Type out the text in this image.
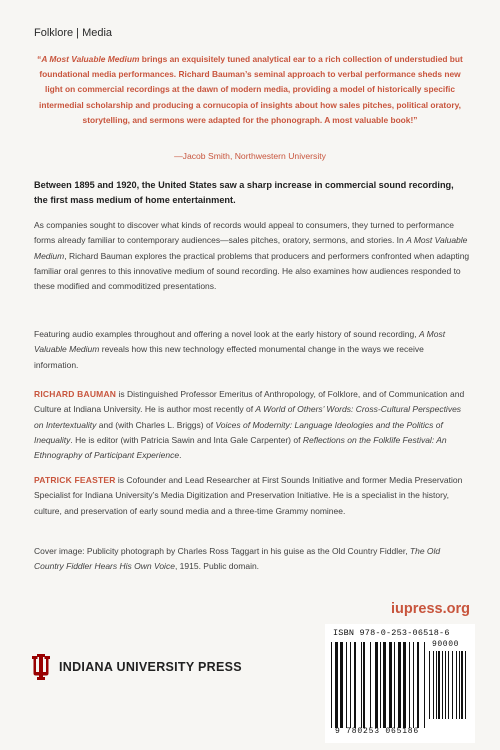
Folklore | Media

“A Most Valuable Medium brings an exquisitely tuned analytical ear to a rich collection of understudied but foundational media performances. Richard Bauman’s seminal approach to verbal performance sheds new light on commercial recordings at the dawn of modern media, providing a model of historically specific intermedial scholarship and producing a cornucopia of insights about how sales pitches, political oratory, storytelling, and sermons were adapted for the phonograph. A most valuable book!”

—Jacob Smith, Northwestern University

Between 1895 and 1920, the United States saw a sharp increase in commercial sound recording, the first mass medium of home entertainment.

As companies sought to discover what kinds of records would appeal to consumers, they turned to performance forms already familiar to contemporary audiences—sales pitches, oratory, sermons, and stories. In A Most Valuable Medium, Richard Bauman explores the practical problems that producers and performers confronted when adapting familiar oral genres to this innovative medium of sound recording. He also examines how audiences responded to these modified and commoditized presentations.

Featuring audio examples throughout and offering a novel look at the early history of sound recording, A Most Valuable Medium reveals how this new technology effected monumental change in the ways we receive information.

RICHARD BAUMAN is Distinguished Professor Emeritus of Anthropology, of Folklore, and of Communication and Culture at Indiana University. He is author most recently of A World of Others’ Words: Cross-Cultural Perspectives on Intertextuality and (with Charles L. Briggs) of Voices of Modernity: Language Ideologies and the Politics of Inequality. He is editor (with Patricia Sawin and Inta Gale Carpenter) of Reflections on the Folklife Festival: An Ethnography of Participant Experience.

PATRICK FEASTER is Cofounder and Lead Researcher at First Sounds Initiative and former Media Preservation Specialist for Indiana University’s Media Digitization and Preservation Initiative. He is a specialist in the history, culture, and preservation of early sound media and a three-time Grammy nominee.

Cover image: Publicity photograph by Charles Ross Taggart in his guise as the Old Country Fiddler, The Old Country Fiddler Hears His Own Voice, 1915. Public domain.

iupress.org
INDIANA UNIVERSITY PRESS
ISBN 978-0-253-06518-6
90000
9 780253 065186
